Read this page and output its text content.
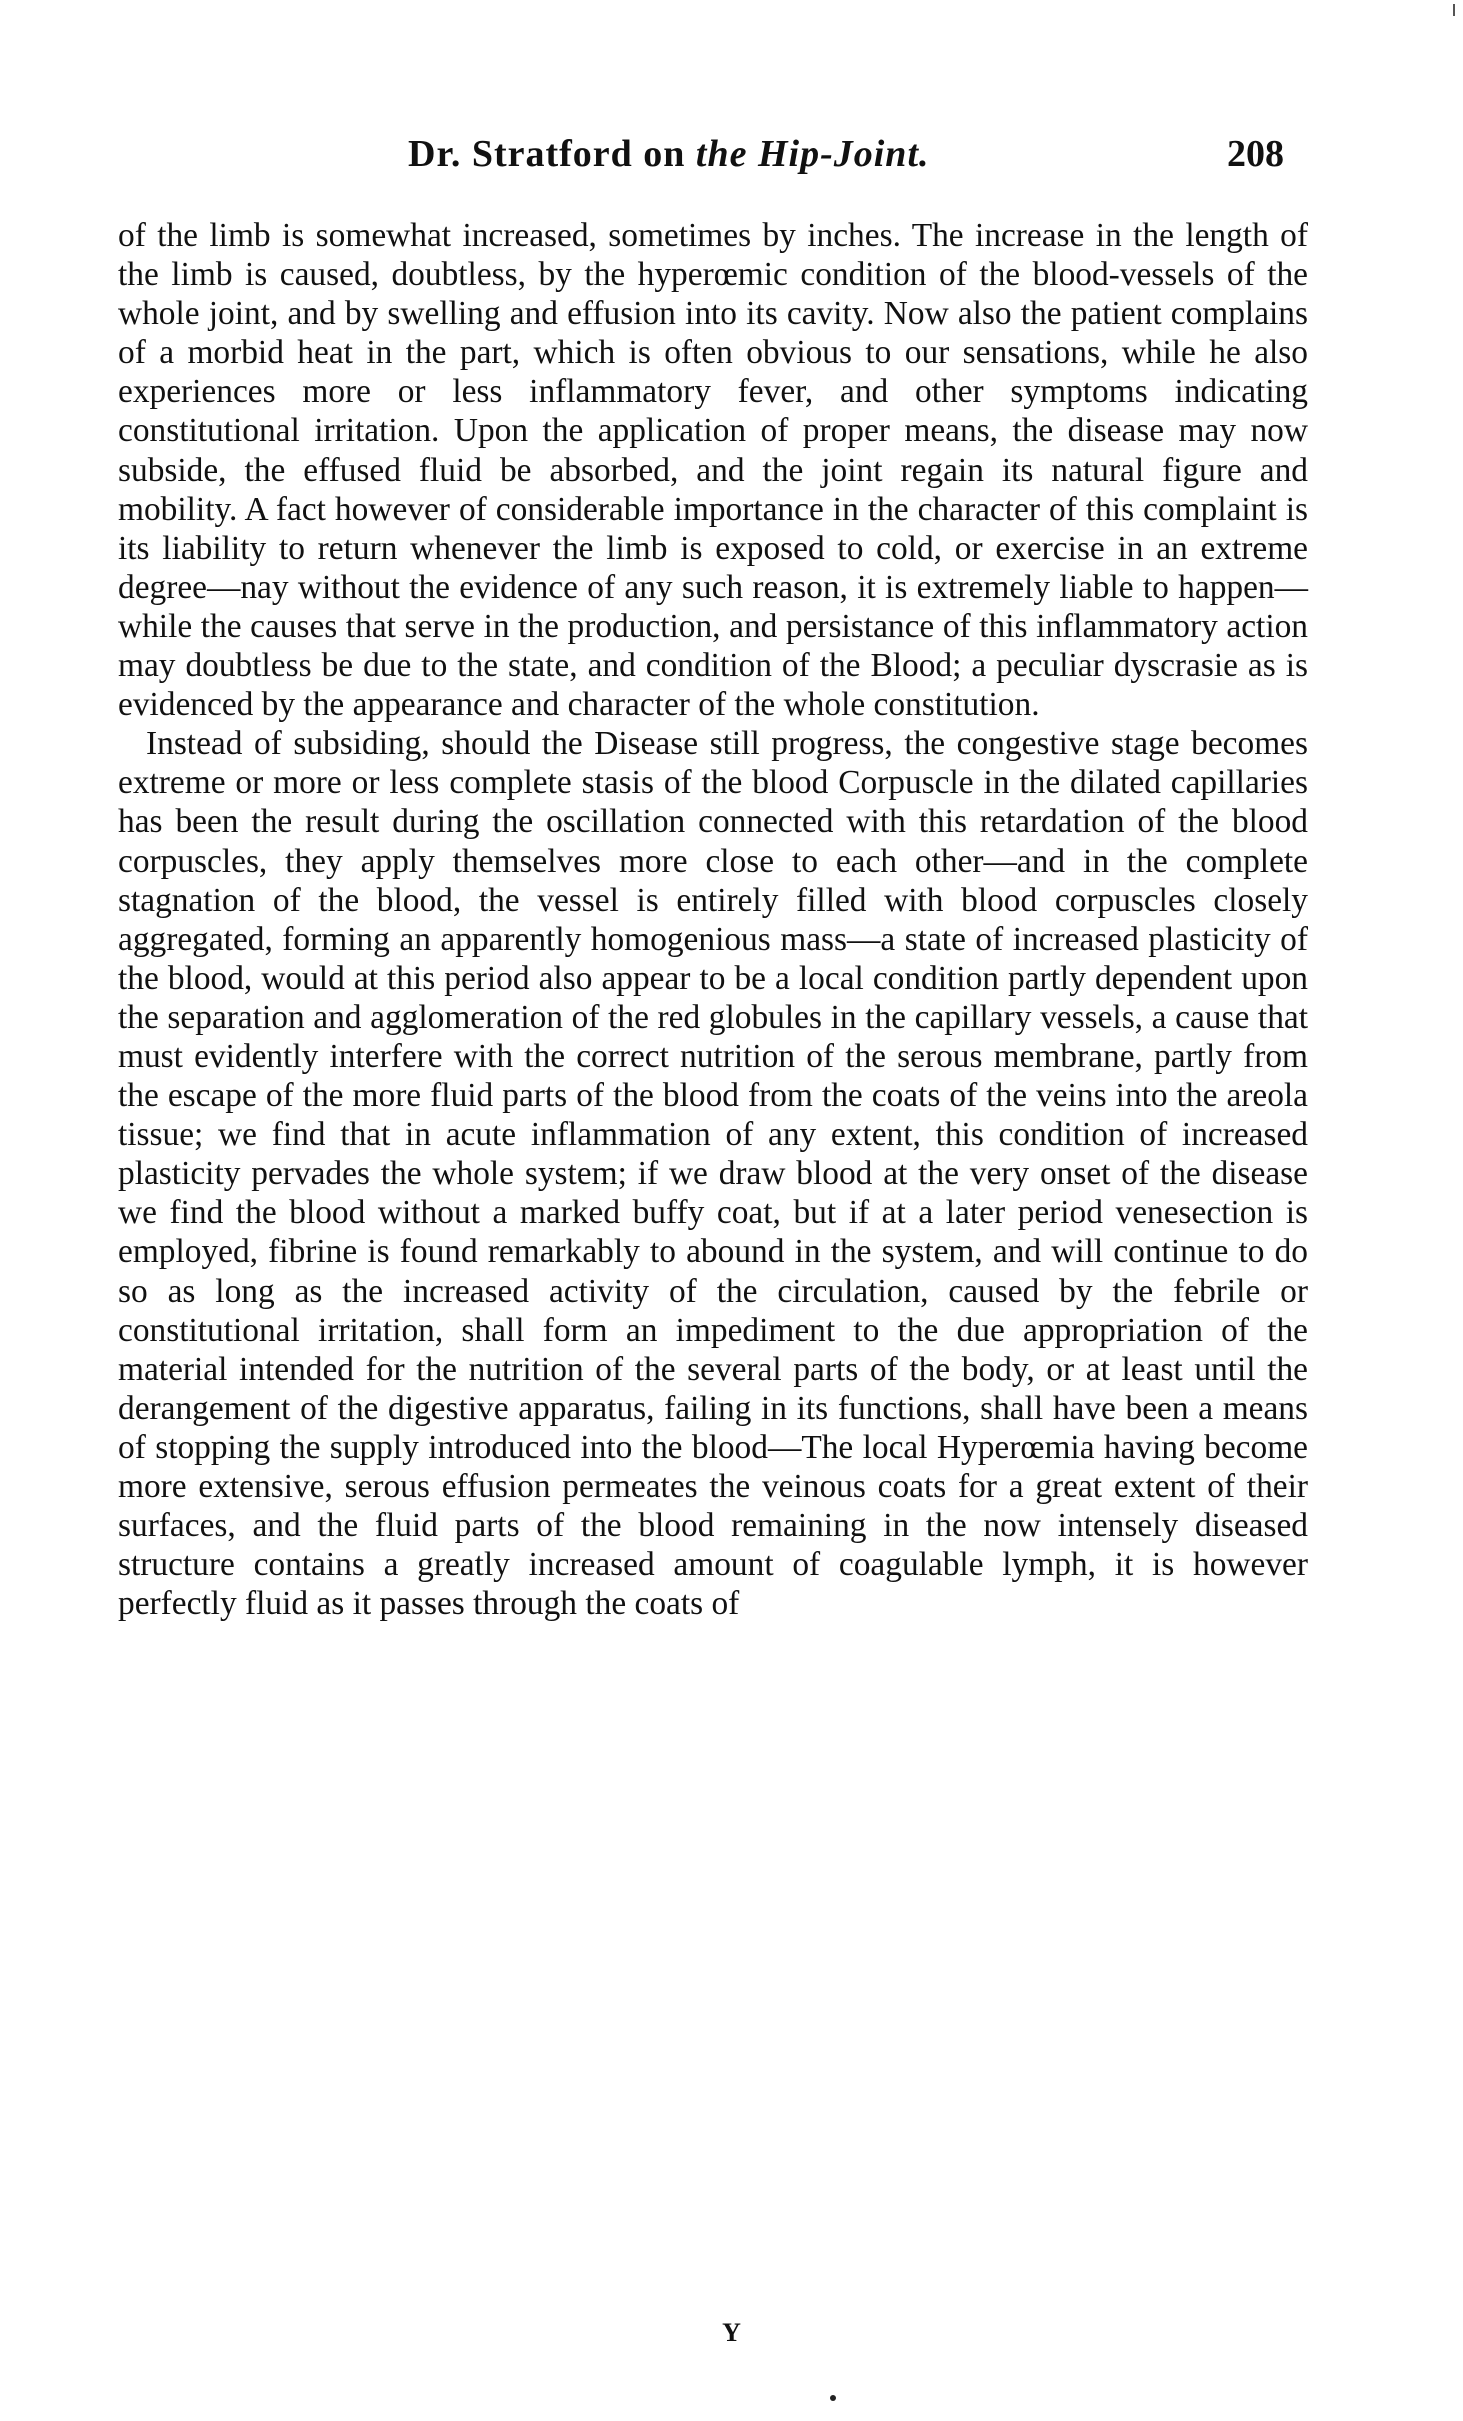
Dr. Stratford on the Hip-Joint.	208

of the limb is somewhat increased, sometimes by inches. The increase in the length of the limb is caused, doubtless, by the hyperœmic condition of the blood-vessels of the whole joint, and by swelling and effusion into its cavity. Now also the patient complains of a morbid heat in the part, which is often obvious to our sensations, while he also experiences more or less inflammatory fever, and other symptoms indicating constitutional irritation. Upon the application of proper means, the disease may now subside, the effused fluid be absorbed, and the joint regain its natural figure and mobility. A fact however of considerable importance in the character of this complaint is its liability to return whenever the limb is exposed to cold, or exercise in an extreme degree—nay without the evidence of any such reason, it is extremely liable to happen—while the causes that serve in the production, and persistance of this inflammatory action may doubtless be due to the state, and condition of the Blood; a peculiar dyscrasie as is evidenced by the appearance and character of the whole constitution.

Instead of subsiding, should the Disease still progress, the congestive stage becomes extreme or more or less complete stasis of the blood Corpuscle in the dilated capillaries has been the result during the oscillation connected with this retardation of the blood corpuscles, they apply themselves more close to each other—and in the complete stagnation of the blood, the vessel is entirely filled with blood corpuscles closely aggregated, forming an apparently homogenious mass—a state of increased plasticity of the blood, would at this period also appear to be a local condition partly dependent upon the separation and agglomeration of the red globules in the capillary vessels, a cause that must evidently interfere with the correct nutrition of the serous membrane, partly from the escape of the more fluid parts of the blood from the coats of the veins into the areola tissue; we find that in acute inflammation of any extent, this condition of increased plasticity pervades the whole system; if we draw blood at the very onset of the disease we find the blood without a marked buffy coat, but if at a later period venesection is employed, fibrine is found remarkably to abound in the system, and will continue to do so as long as the increased activity of the circulation, caused by the febrile or constitutional irritation, shall form an impediment to the due appropriation of the material intended for the nutrition of the several parts of the body, or at least until the derangement of the digestive apparatus, failing in its functions, shall have been a means of stopping the supply introduced into the blood—The local Hyperœmia having become more extensive, serous effusion permeates the veinous coats for a great extent of their surfaces, and the fluid parts of the blood remaining in the now intensely diseased structure contains a greatly increased amount of coagulable lymph, it is however perfectly fluid as it passes through the coats of

Y
